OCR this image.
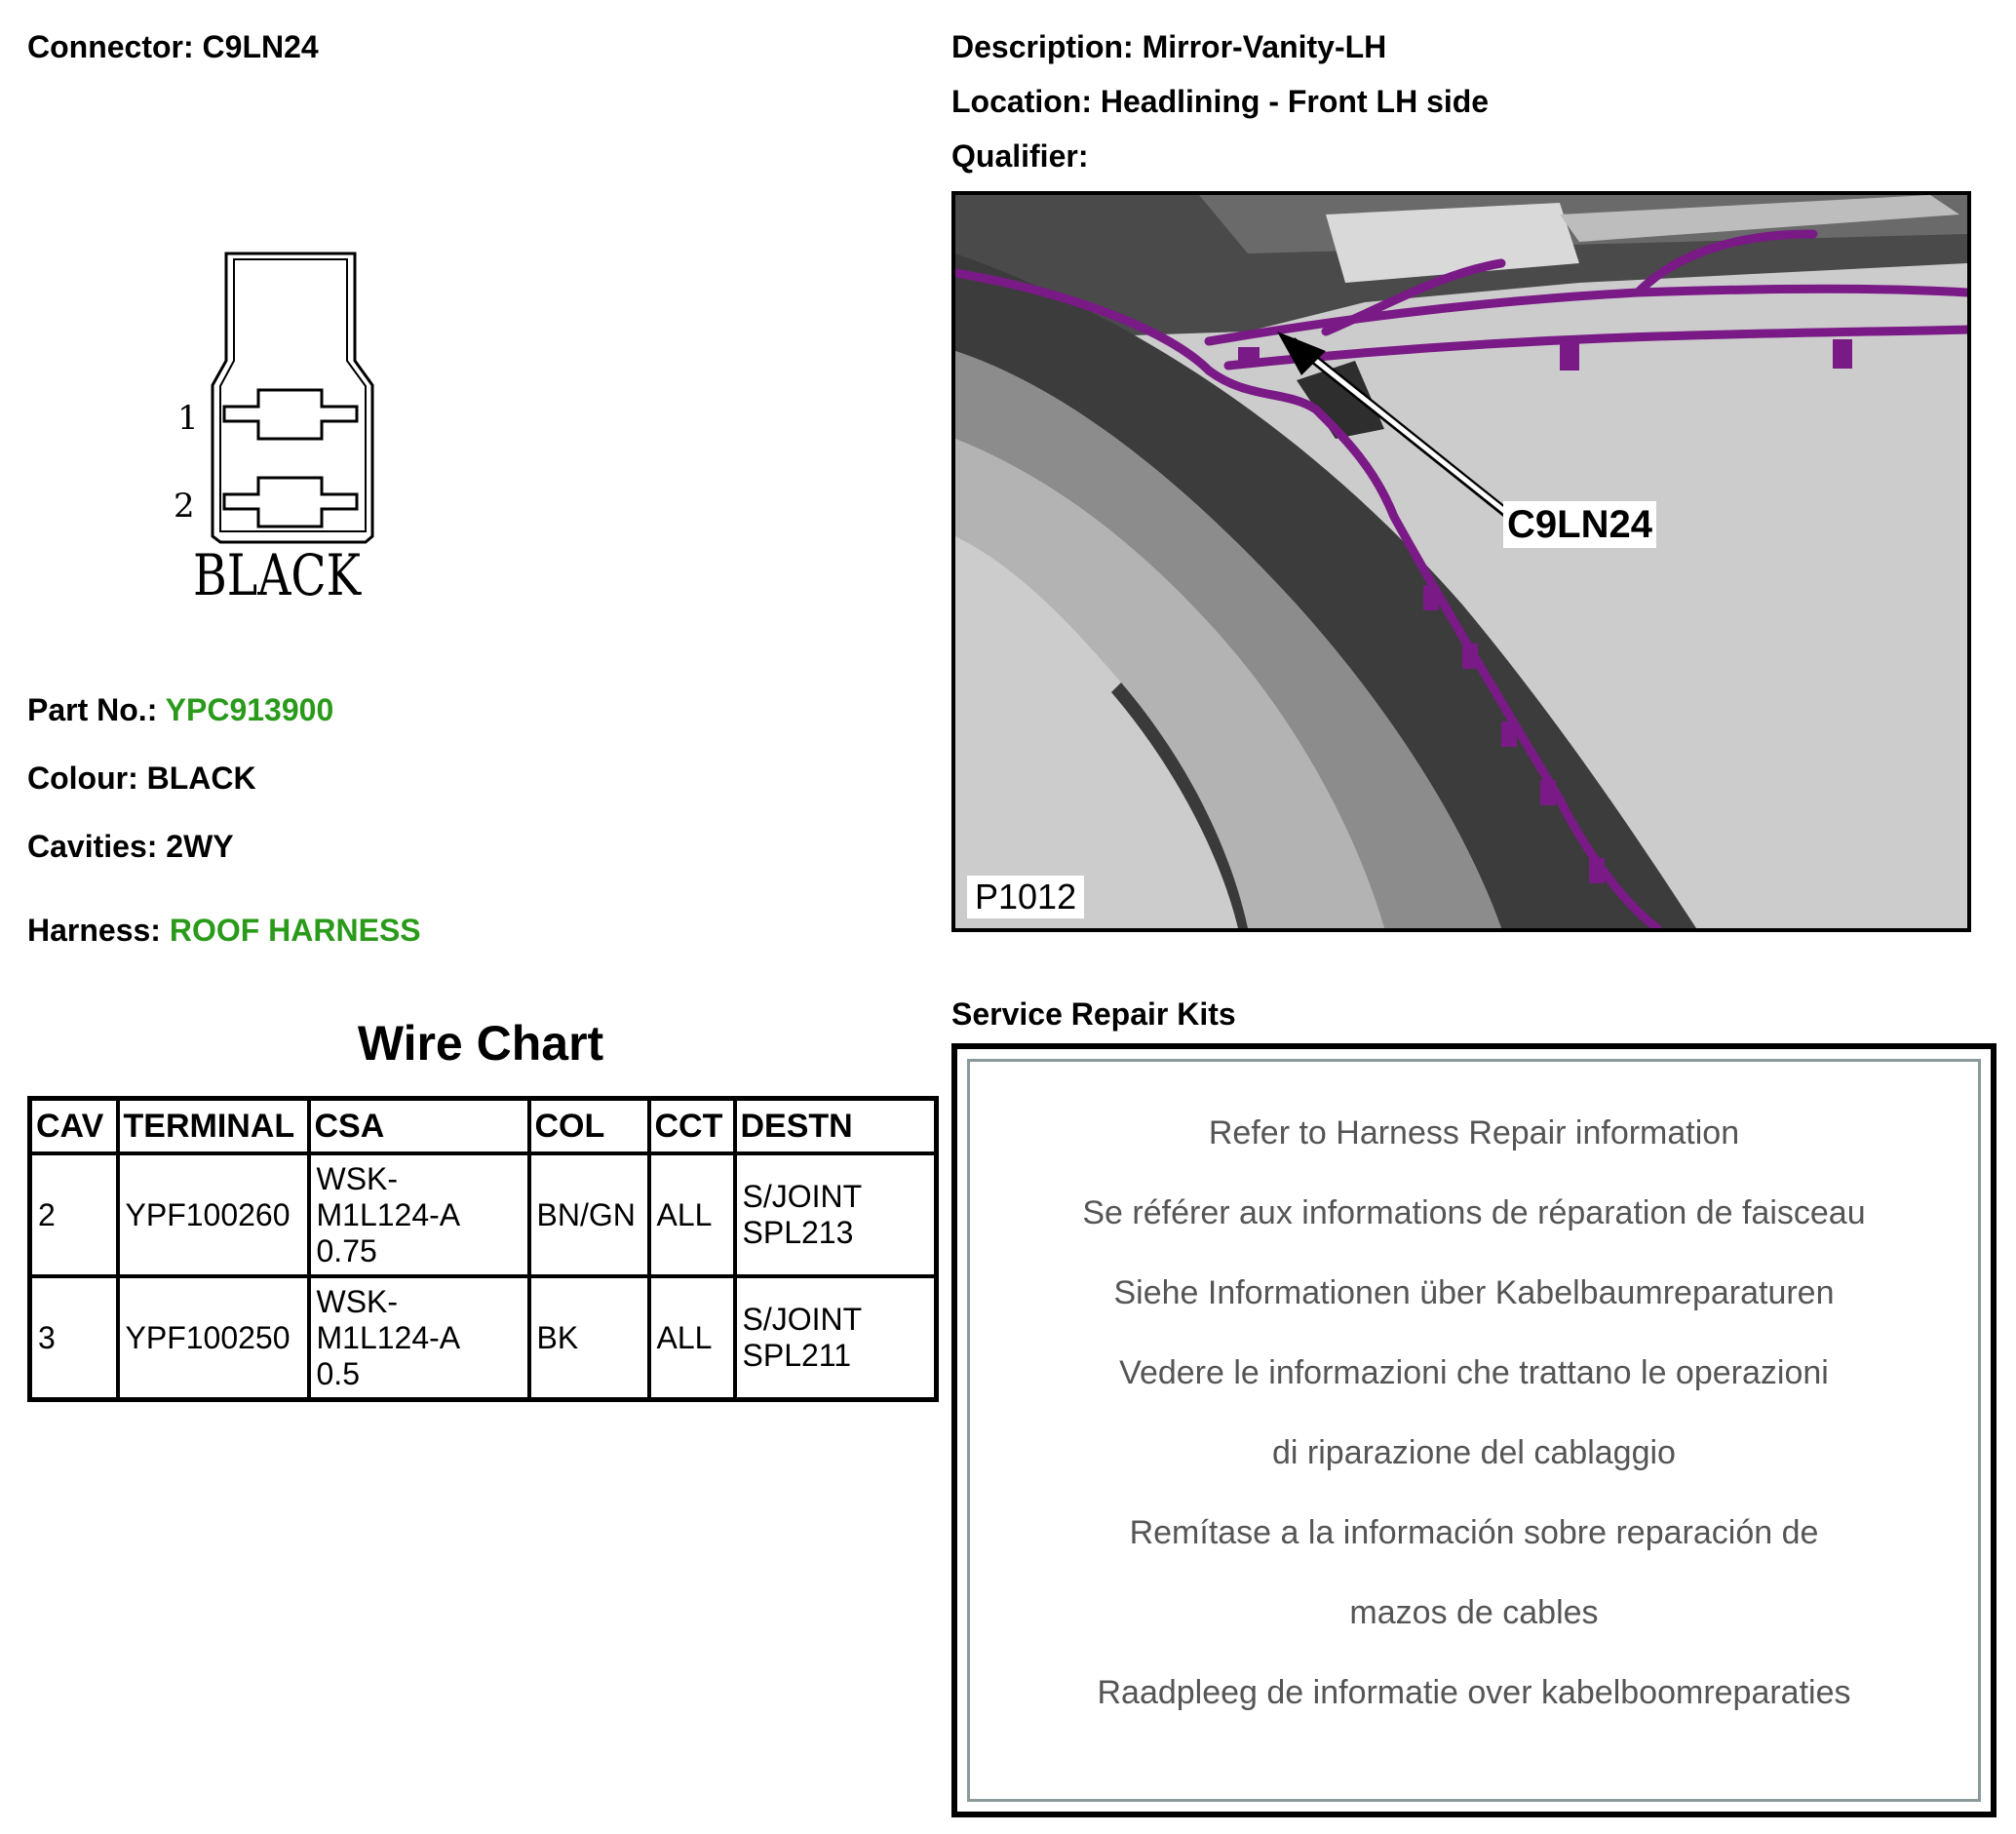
Connector: C9LN24	Description: Mirror-Vanity-LH
Location: Headlining - Front LH side
Qualifier:
1
2
BLACK
Part No.: YPC913900
Colour: BLACK
Cavities: 2WY
Harness: ROOF HARNESS
Wire Chart
CAV	TERMINAL	CSA	COL	CCT	DESTN
2	YPF100260	WSK-
M1L124-A
0.75	BN/GN	ALL	S/JOINT
SPL213
3	YPF100250	WSK-
M1L124-A
0.5	BK	ALL	S/JOINT
SPL211
C9LN24
P1012
Service Repair Kits
Refer to Harness Repair information
Se référer aux informations de réparation de faisceau
Siehe Informationen über Kabelbaumreparaturen
Vedere le informazioni che trattano le operazioni
di riparazione del cablaggio
Remítase a la información sobre reparación de
mazos de cables
Raadpleeg de informatie over kabelboomreparaties
